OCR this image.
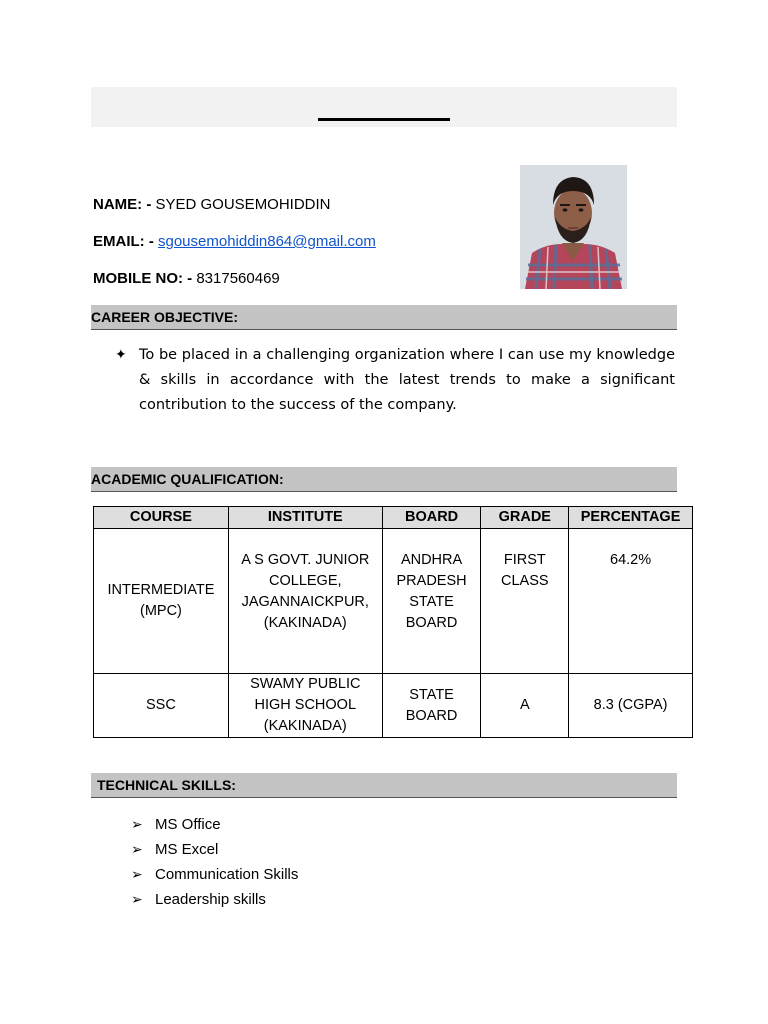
NAME: - SYED GOUSEMOHIDDIN
EMAIL: - sgousemohiddin864@gmail.com
MOBILE NO: - 8317560469
CAREER OBJECTIVE:
✦ To be placed in a challenging organization where I can use my knowledge & skills in accordance with the latest trends to make a significant contribution to the success of the company.
ACADEMIC QUALIFICATION:
COURSE	INSTITUTE	BOARD	GRADE	PERCENTAGE

INTERMEDIATE (MPC)	A S GOVT. JUNIOR COLLEGE, JAGANNAICKPUR, (KAKINADA)	ANDHRA PRADESH STATE BOARD	FIRST CLASS	64.2%

SSC	SWAMY PUBLIC HIGH SCHOOL (KAKINADA)	STATE BOARD	A	8.3 (CGPA)
TECHNICAL SKILLS:
➢ MS Office
➢ MS Excel
➢ Communication Skills
➢ Leadership skills
